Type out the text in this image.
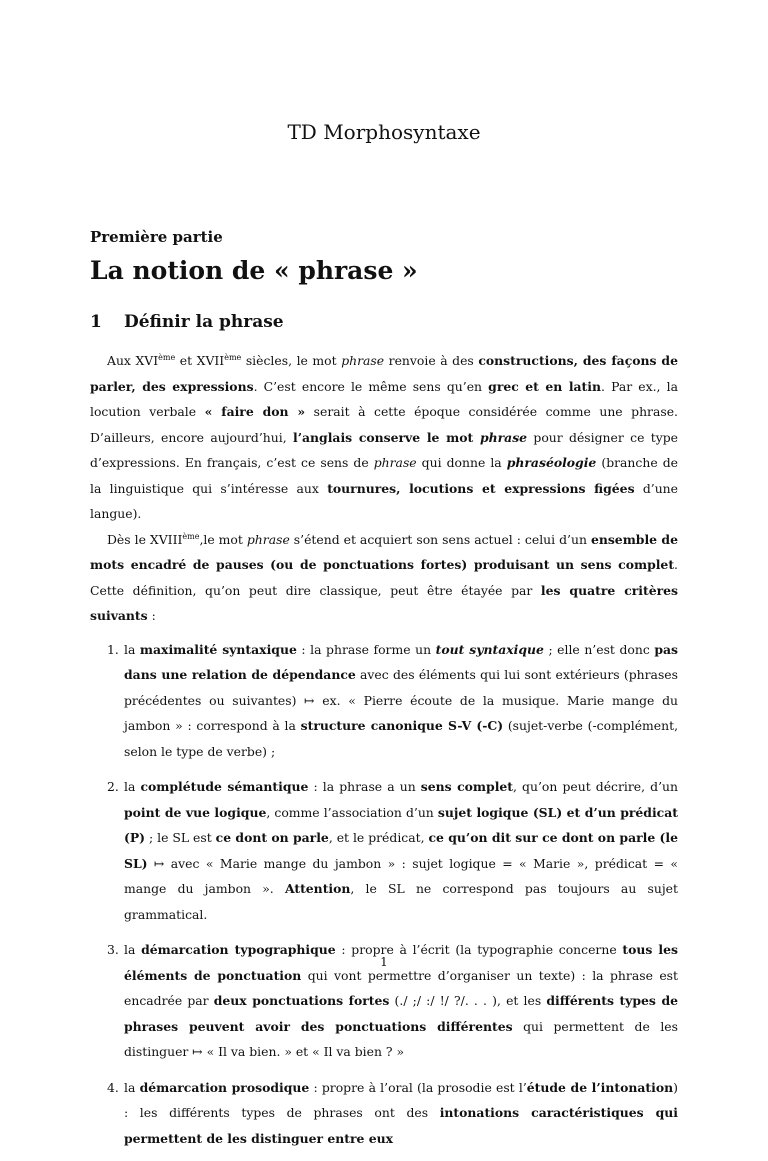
TD Morphosyntaxe
Première partie
La notion de « phrase »
1 Définir la phrase

Aux XVIème et XVIIème siècles, le mot phrase renvoie à des constructions, des façons de parler, des expressions. C’est encore le même sens qu’en grec et en latin. Par ex., la locution verbale « faire don » serait à cette époque considérée comme une phrase. D’ailleurs, encore aujourd’hui, l’anglais conserve le mot phrase pour désigner ce type d’expressions. En français, c’est ce sens de phrase qui donne la phraséologie (branche de la linguistique qui s’intéresse aux tournures, locutions et expressions figées d’une langue).

Dès le XVIIIème,le mot phrase s’étend et acquiert son sens actuel : celui d’un ensemble de mots encadré de pauses (ou de ponctuations fortes) produisant un sens complet. Cette définition, qu’on peut dire classique, peut être étayée par les quatre critères suivants :

1. la maximalité syntaxique : la phrase forme un tout syntaxique ; elle n’est donc pas dans une relation de dépendance avec des éléments qui lui sont extérieurs (phrases précédentes ou suivantes) ↦ ex. « Pierre écoute de la musique. Marie mange du jambon » : correspond à la structure canonique S-V (-C) (sujet-verbe (-complément, selon le type de verbe) ;
2. la complétude sémantique : la phrase a un sens complet, qu’on peut décrire, d’un point de vue logique, comme l’association d’un sujet logique (SL) et d’un prédicat (P) ; le SL est ce dont on parle, et le prédicat, ce qu’on dit sur ce dont on parle (le SL) ↦ avec « Marie mange du jambon » : sujet logique = « Marie », prédicat = « mange du jambon ». Attention, le SL ne correspond pas toujours au sujet grammatical.
3. la démarcation typographique : propre à l’écrit (la typographie concerne tous les éléments de ponctuation qui vont permettre d’organiser un texte) : la phrase est encadrée par deux ponctuations fortes (./ ;/ :/ !/ ?/. . . ), et les différents types de phrases peuvent avoir des ponctuations différentes qui permettent de les distinguer ↦ « Il va bien. » et « Il va bien ? »
4. la démarcation prosodique : propre à l’oral (la prosodie est l’étude de l’intonation) : les différents types de phrases ont des intonations caractéristiques qui permettent de les distinguer entre eux
1
